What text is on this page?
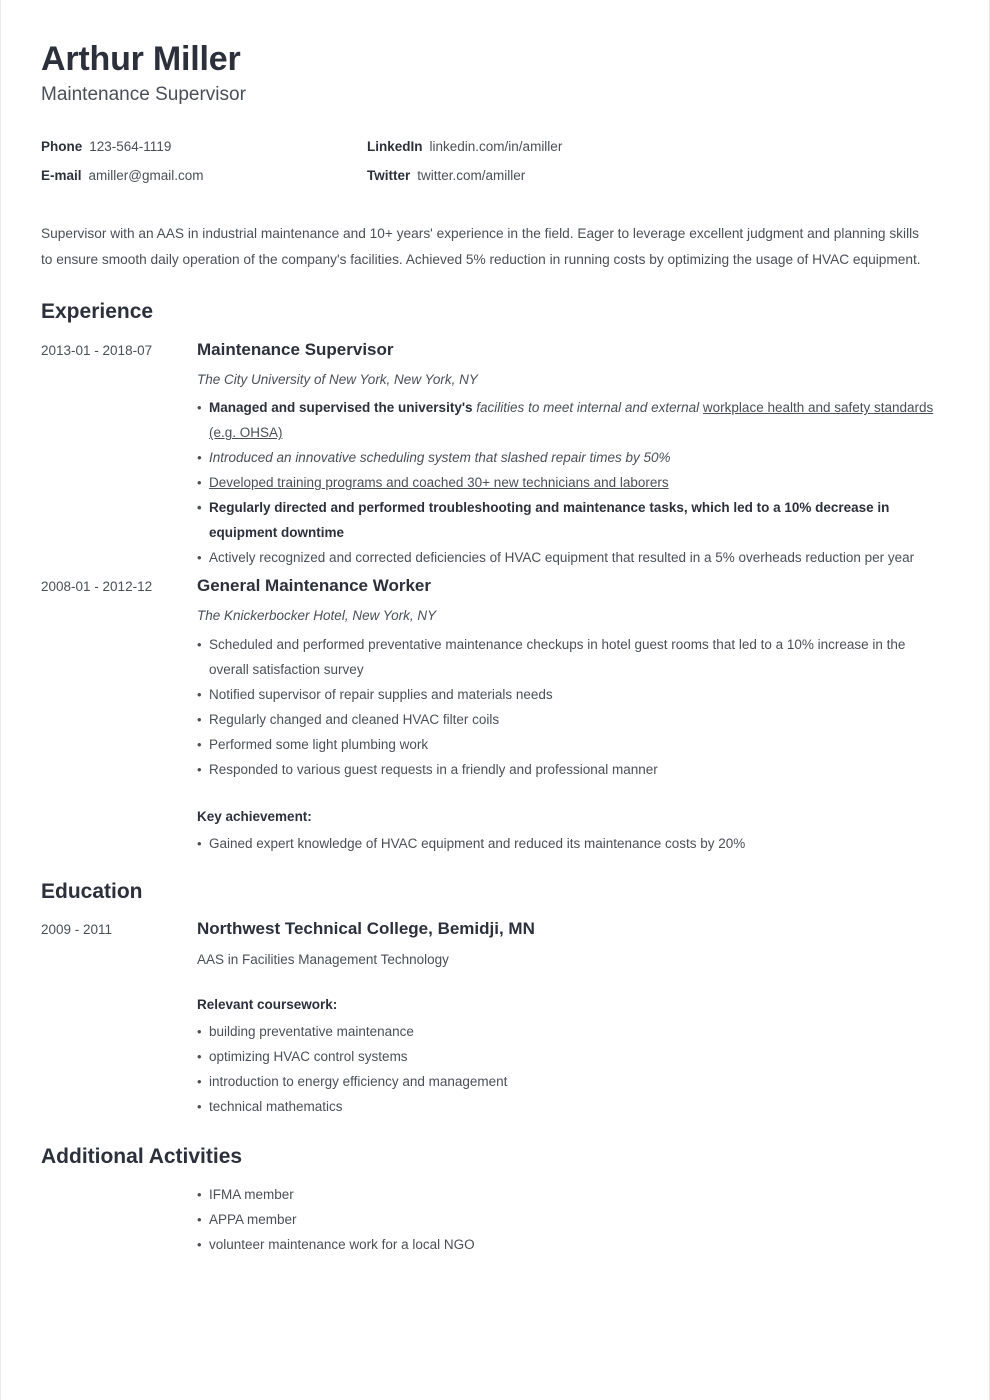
Arthur Miller
Maintenance Supervisor
Phone 123-564-1119	LinkedIn linkedin.com/in/amiller
E-mail amiller@gmail.com	Twitter twitter.com/amiller

Supervisor with an AAS in industrial maintenance and 10+ years' experience in the field. Eager to leverage excellent judgment and planning skills to ensure smooth daily operation of the company's facilities. Achieved 5% reduction in running costs by optimizing the usage of HVAC equipment.

Experience
2013-01 - 2018-07	Maintenance Supervisor
The City University of New York, New York, NY
• Managed and supervised the university's facilities to meet internal and external workplace health and safety standards (e.g. OHSA)
• Introduced an innovative scheduling system that slashed repair times by 50%
• Developed training programs and coached 30+ new technicians and laborers
• Regularly directed and performed troubleshooting and maintenance tasks, which led to a 10% decrease in equipment downtime
• Actively recognized and corrected deficiencies of HVAC equipment that resulted in a 5% overheads reduction per year
2008-01 - 2012-12	General Maintenance Worker
The Knickerbocker Hotel, New York, NY
• Scheduled and performed preventative maintenance checkups in hotel guest rooms that led to a 10% increase in the overall satisfaction survey
• Notified supervisor of repair supplies and materials needs
• Regularly changed and cleaned HVAC filter coils
• Performed some light plumbing work
• Responded to various guest requests in a friendly and professional manner
Key achievement:
• Gained expert knowledge of HVAC equipment and reduced its maintenance costs by 20%
Education
2009 - 2011	Northwest Technical College, Bemidji, MN
AAS in Facilities Management Technology
Relevant coursework:
• building preventative maintenance
• optimizing HVAC control systems
• introduction to energy efficiency and management
• technical mathematics
Additional Activities
• IFMA member
• APPA member
• volunteer maintenance work for a local NGO
